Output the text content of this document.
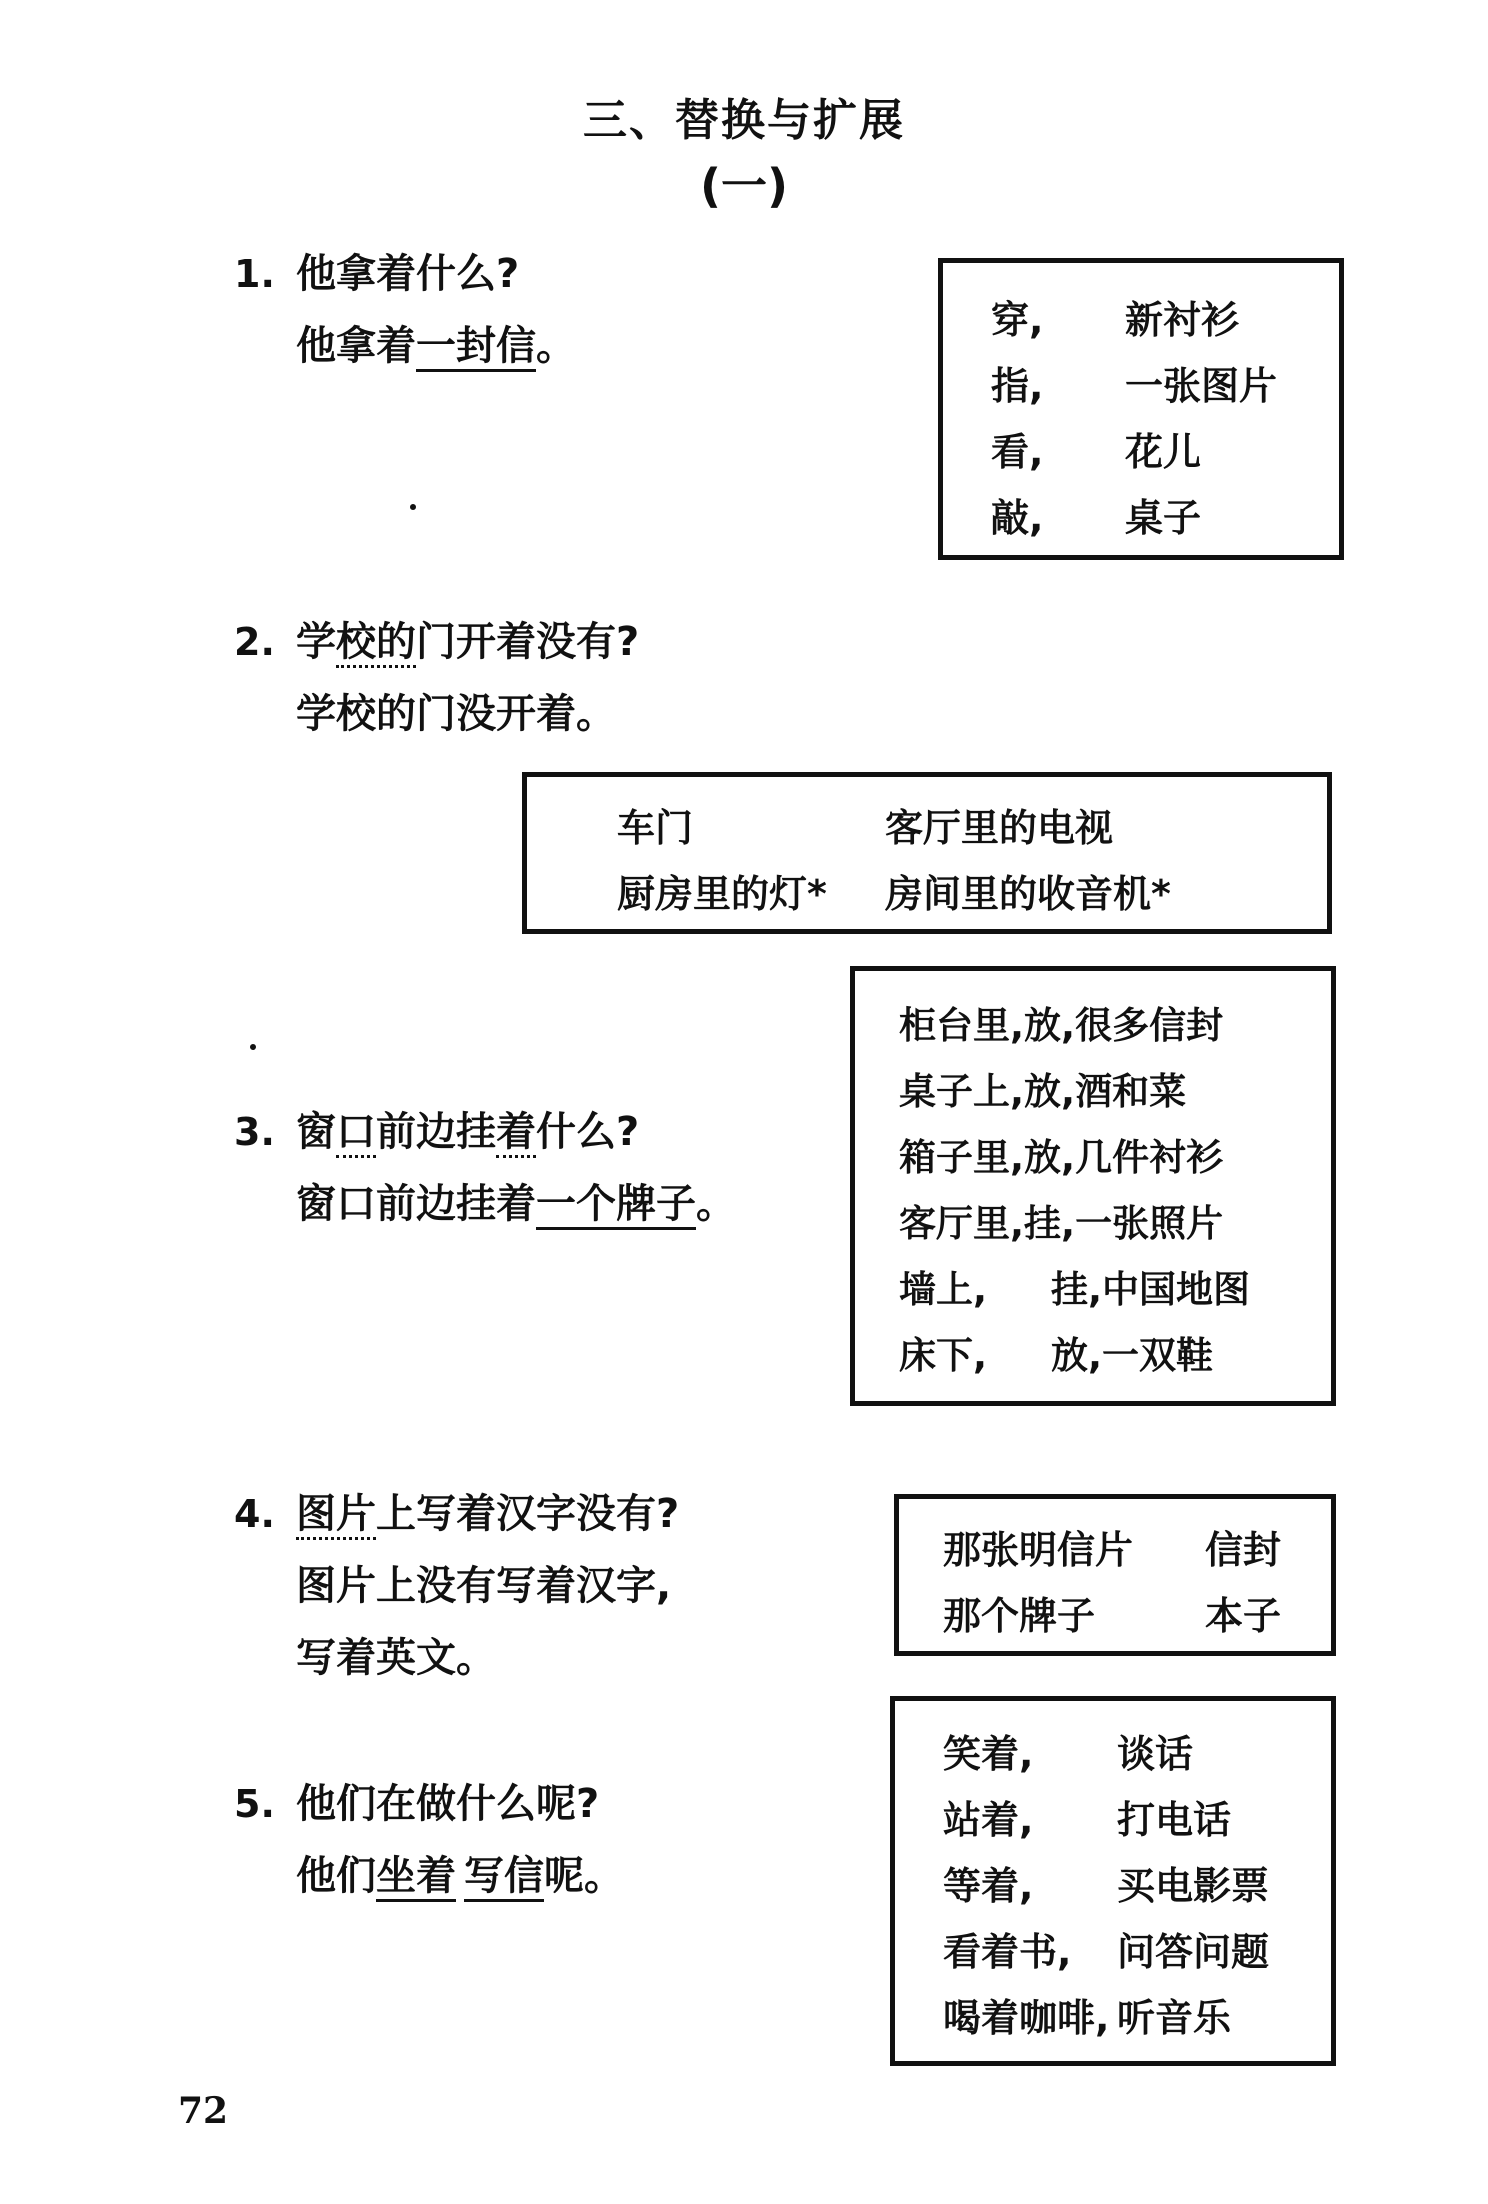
三、替换与扩展
(一)
1. 他拿着什么?
他拿着一封信。
穿,	新衬衫
指,	一张图片
看,	花儿
敲,	桌子
2. 学校的门开着没有?
学校的门没开着。
车门	客厅里的电视
厨房里的灯*	房间里的收音机*
3. 窗口前边挂着什么?
窗口前边挂着一个牌子。
柜台里,放,很多信封
桌子上,放,酒和菜
箱子里,放,几件衬衫
客厅里,挂,一张照片
墙上,	挂,中国地图
床下,	放,一双鞋
4. 图片上写着汉字没有?
图片上没有写着汉字,
写着英文。
那张明信片	信封
那个牌子	本子
5. 他们在做什么呢?
他们坐着 写信呢。
笑着,	谈话
站着,	打电话
等着,	买电影票
看着书,	问答问题
喝着咖啡, 听音乐
72
